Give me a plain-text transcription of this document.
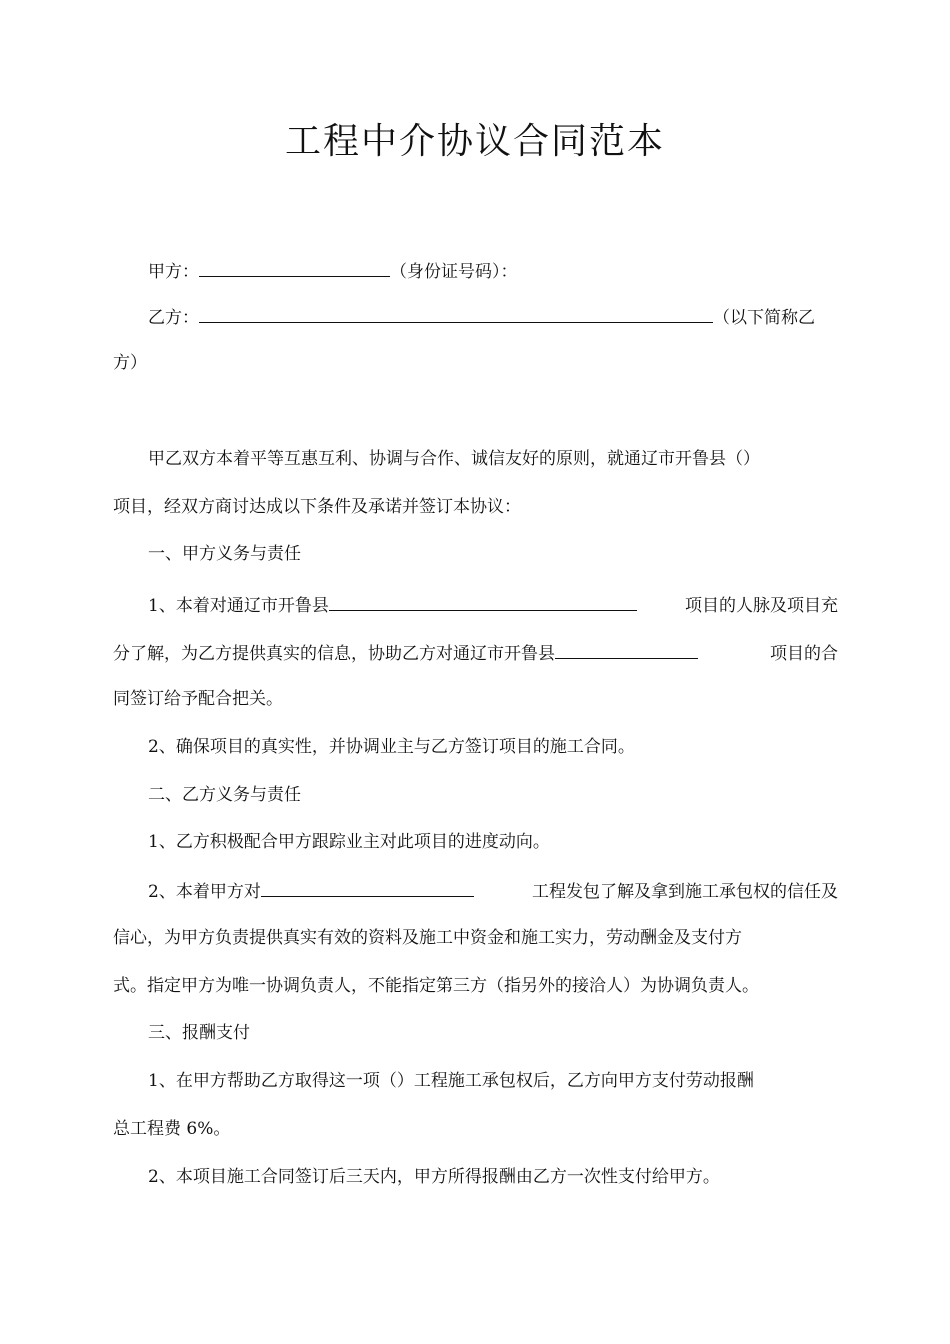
工程中介协议合同范本
甲方：	（身份证号码）：
乙方：	（以下简称乙
方）
甲乙双方本着平等互惠互利、协调与合作、诚信友好的原则，就通辽市开鲁县（）
项目，经双方商讨达成以下条件及承诺并签订本协议：
一、甲方义务与责任
1、本着对通辽市开鲁县	项目的人脉及项目充
分了解，为乙方提供真实的信息，协助乙方对通辽市开鲁县	项目的合
同签订给予配合把关。
2、确保项目的真实性，并协调业主与乙方签订项目的施工合同。
二、乙方义务与责任
1、乙方积极配合甲方跟踪业主对此项目的进度动向。
2、本着甲方对	工程发包了解及拿到施工承包权的信任及
信心，为甲方负责提供真实有效的资料及施工中资金和施工实力，劳动酬金及支付方
式。指定甲方为唯一协调负责人，不能指定第三方（指另外的接洽人）为协调负责人。
三、报酬支付
1、在甲方帮助乙方取得这一项（）工程施工承包权后，乙方向甲方支付劳动报酬
总工程费 6%。
2、本项目施工合同签订后三天内，甲方所得报酬由乙方一次性支付给甲方。
